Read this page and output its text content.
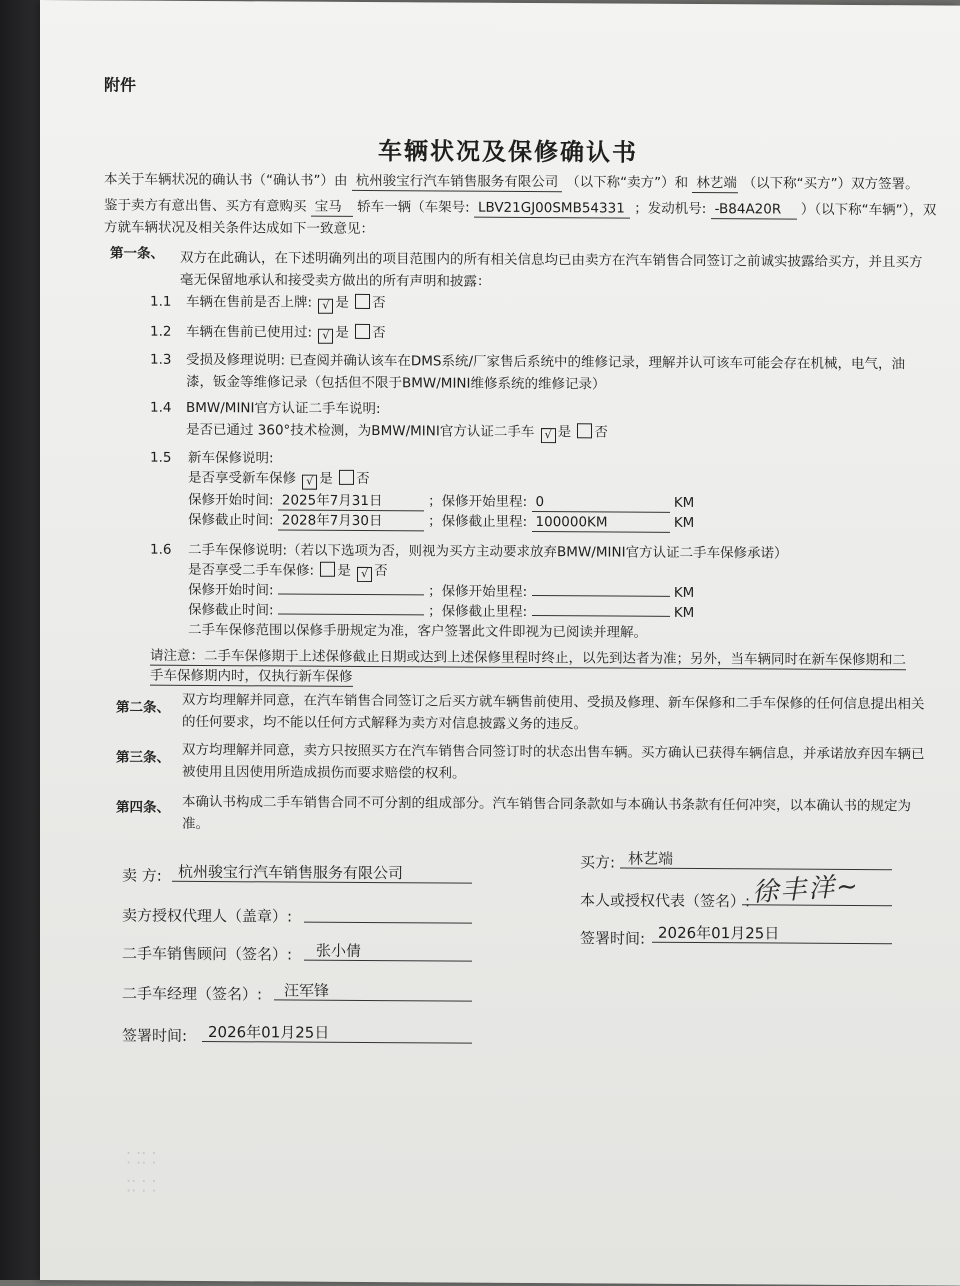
附件
车辆状况及保修确认书
本关于车辆状况的确认书（“确认书”）由 杭州骏宝行汽车销售服务有限公司 （以下称“卖方”）和 林艺端 （以下称“买方”）双方签署。
鉴于卖方有意出售、买方有意购买 宝马 轿车一辆（车架号: LBV21GJ00SMB54331 ；发动机号: -B84A20R ）（以下称“车辆”），双
方就车辆状况及相关条件达成如下一致意见：
第一条、 双方在此确认，在下述明确列出的项目范围内的所有相关信息均已由卖方在汽车销售合同签订之前诚实披露给买方，并且买方
毫无保留地承认和接受卖方做出的所有声明和披露：
1.1 车辆在售前是否上牌: √ 是 否
1.2 车辆在售前已使用过: √ 是 否
1.3 受损及修理说明: 已查阅并确认该车在DMS系统/厂家售后系统中的维修记录，理解并认可该车可能会存在机械，电气，油
漆，钣金等维修记录（包括但不限于BMW/MINI维修系统的维修记录）
1.4 BMW/MINI官方认证二手车说明:
是否已通过 360°技术检测，为BMW/MINI官方认证二手车 √ 是 否
1.5 新车保修说明:
是否享受新车保修 √ 是 否
保修开始时间: 2025年7月31日	；保修开始里程: 0	KM
保修截止时间: 2028年7月30日	；保修截止里程: 100000KM	KM
1.6 二手车保修说明:（若以下选项为否，则视为买方主动要求放弃BMW/MINI官方认证二手车保修承诺）
是否享受二手车保修: 是 √ 否
保修开始时间:	；保修开始里程:	KM
保修截止时间:	；保修截止里程:	KM
二手车保修范围以保修手册规定为准，客户签署此文件即视为已阅读并理解。
请注意：二手车保修期于上述保修截止日期或达到上述保修里程时终止，以先到达者为准；另外，当车辆同时在新车保修期和二
手车保修期内时，仅执行新车保修
第二条、 双方均理解并同意，在汽车销售合同签订之后买方就车辆售前使用、受损及修理、新车保修和二手车保修的任何信息提出相关
的任何要求，均不能以任何方式解释为卖方对信息披露义务的违反。
第三条、 双方均理解并同意，卖方只按照买方在汽车销售合同签订时的状态出售车辆。买方确认已获得车辆信息，并承诺放弃因车辆已
被使用且因使用所造成损伤而要求赔偿的权利。
第四条、 本确认书构成二手车销售合同不可分割的组成部分。汽车销售合同条款如与本确认书条款有任何冲突，以本确认书的规定为
准。
卖 方: 杭州骏宝行汽车销售服务有限公司
卖方授权代理人（盖章）:
二手车销售顾问（签名）: 张小倩
二手车经理（签名）: 汪军锋
签署时间: 2026年01月25日
买方: 林艺端
本人或授权代表（签名）: 徐丰洋~
签署时间: 2026年01月25日
⁚ ⁚⁚ ⁚
⁚⁚ ⁚ ⁚
